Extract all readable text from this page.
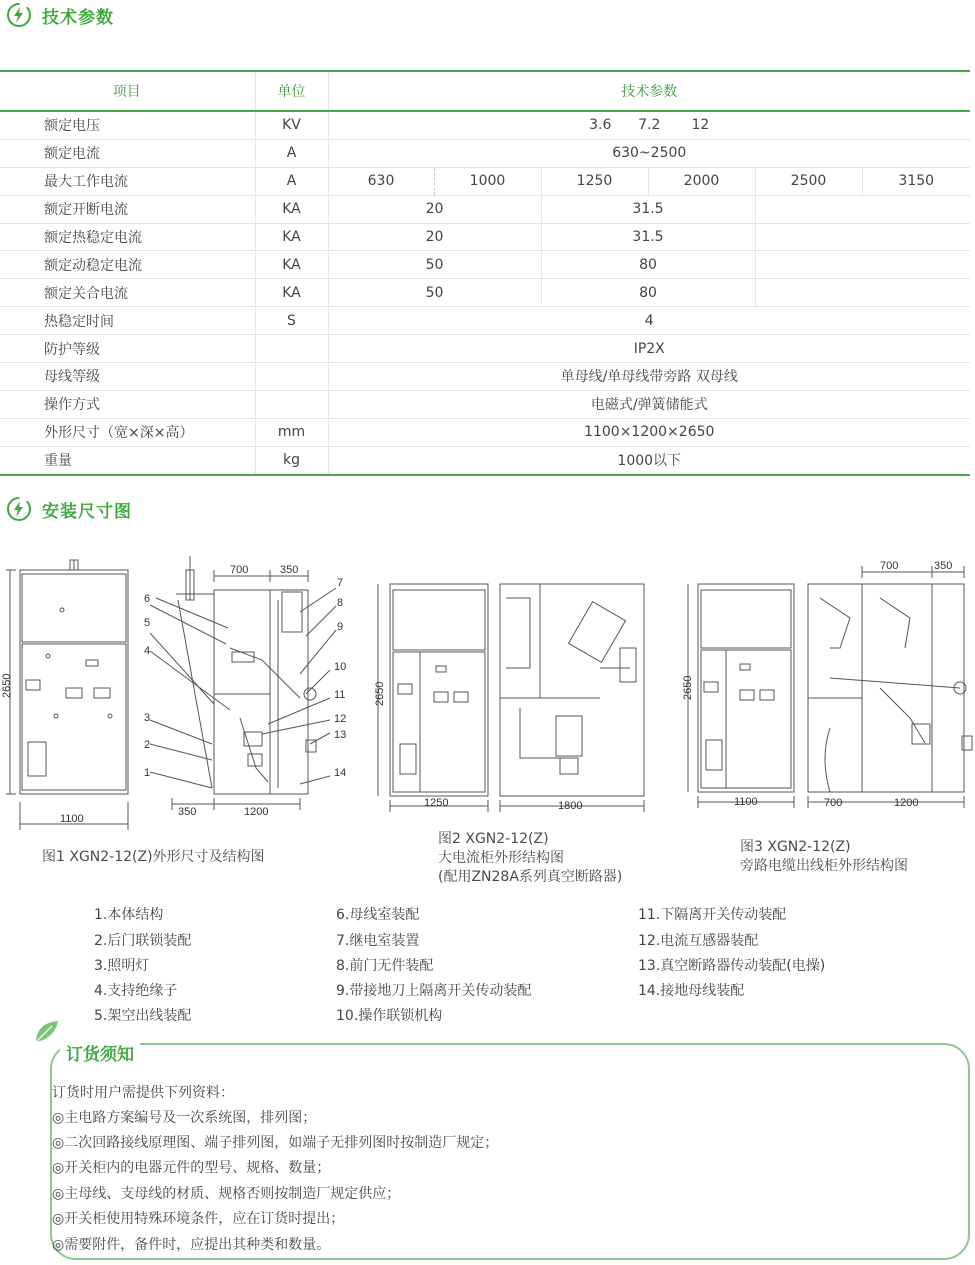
技术参数
项目	单位	技术参数					
额定电压	KV	3.6      7.2       12					
额定电流	A	630~2500					
最大工作电流	A	630	1000	1250	2000	2500	3150
额定开断电流	KA	20		31.5			
额定热稳定电流	KA	20		31.5			
额定动稳定电流	KA	50		80			
额定关合电流	KA	50		80			
热稳定时间	S	4					
防护等级		IP2X					
母线等级		单母线/单母线带旁路 双母线					
操作方式		电磁式/弹簧储能式					
外形尺寸（宽×深×高）	mm	1100×1200×2650					
重量	kg	1000以下					
安装尺寸图
2650
1100
700	350
350	1200
1
2
3
4
5
6
7
8
9
10
11
12
13
14
2650
1250	1800
2650
1100
700	350
700	1200
图1 XGN2-12(Z)外形尺寸及结构图
图2 XGN2-12(Z)
大电流柜外形结构图
(配用ZN28A系列真空断路器)
图3 XGN2-12(Z)
旁路电缆出线柜外形结构图
1.本体结构
2.后门联锁装配
3.照明灯
4.支持绝缘子
5.架空出线装配
6.母线室装配
7.继电室装置
8.前门无件装配
9.带接地刀上隔离开关传动装配
10.操作联锁机构
11.下隔离开关传动装配
12.电流互感器装配
13.真空断路器传动装配(电操)
14.接地母线装配
订货须知
订货时用户需提供下列资料：
◎主电路方案编号及一次系统图，排列图；
◎二次回路接线原理图、端子排列图，如端子无排列图时按制造厂规定；
◎开关柜内的电器元件的型号、规格、数量；
◎主母线、支母线的材质、规格否则按制造厂规定供应；
◎开关柜使用特殊环境条件，应在订货时提出；
◎需要附件，备件时，应提出其种类和数量。
